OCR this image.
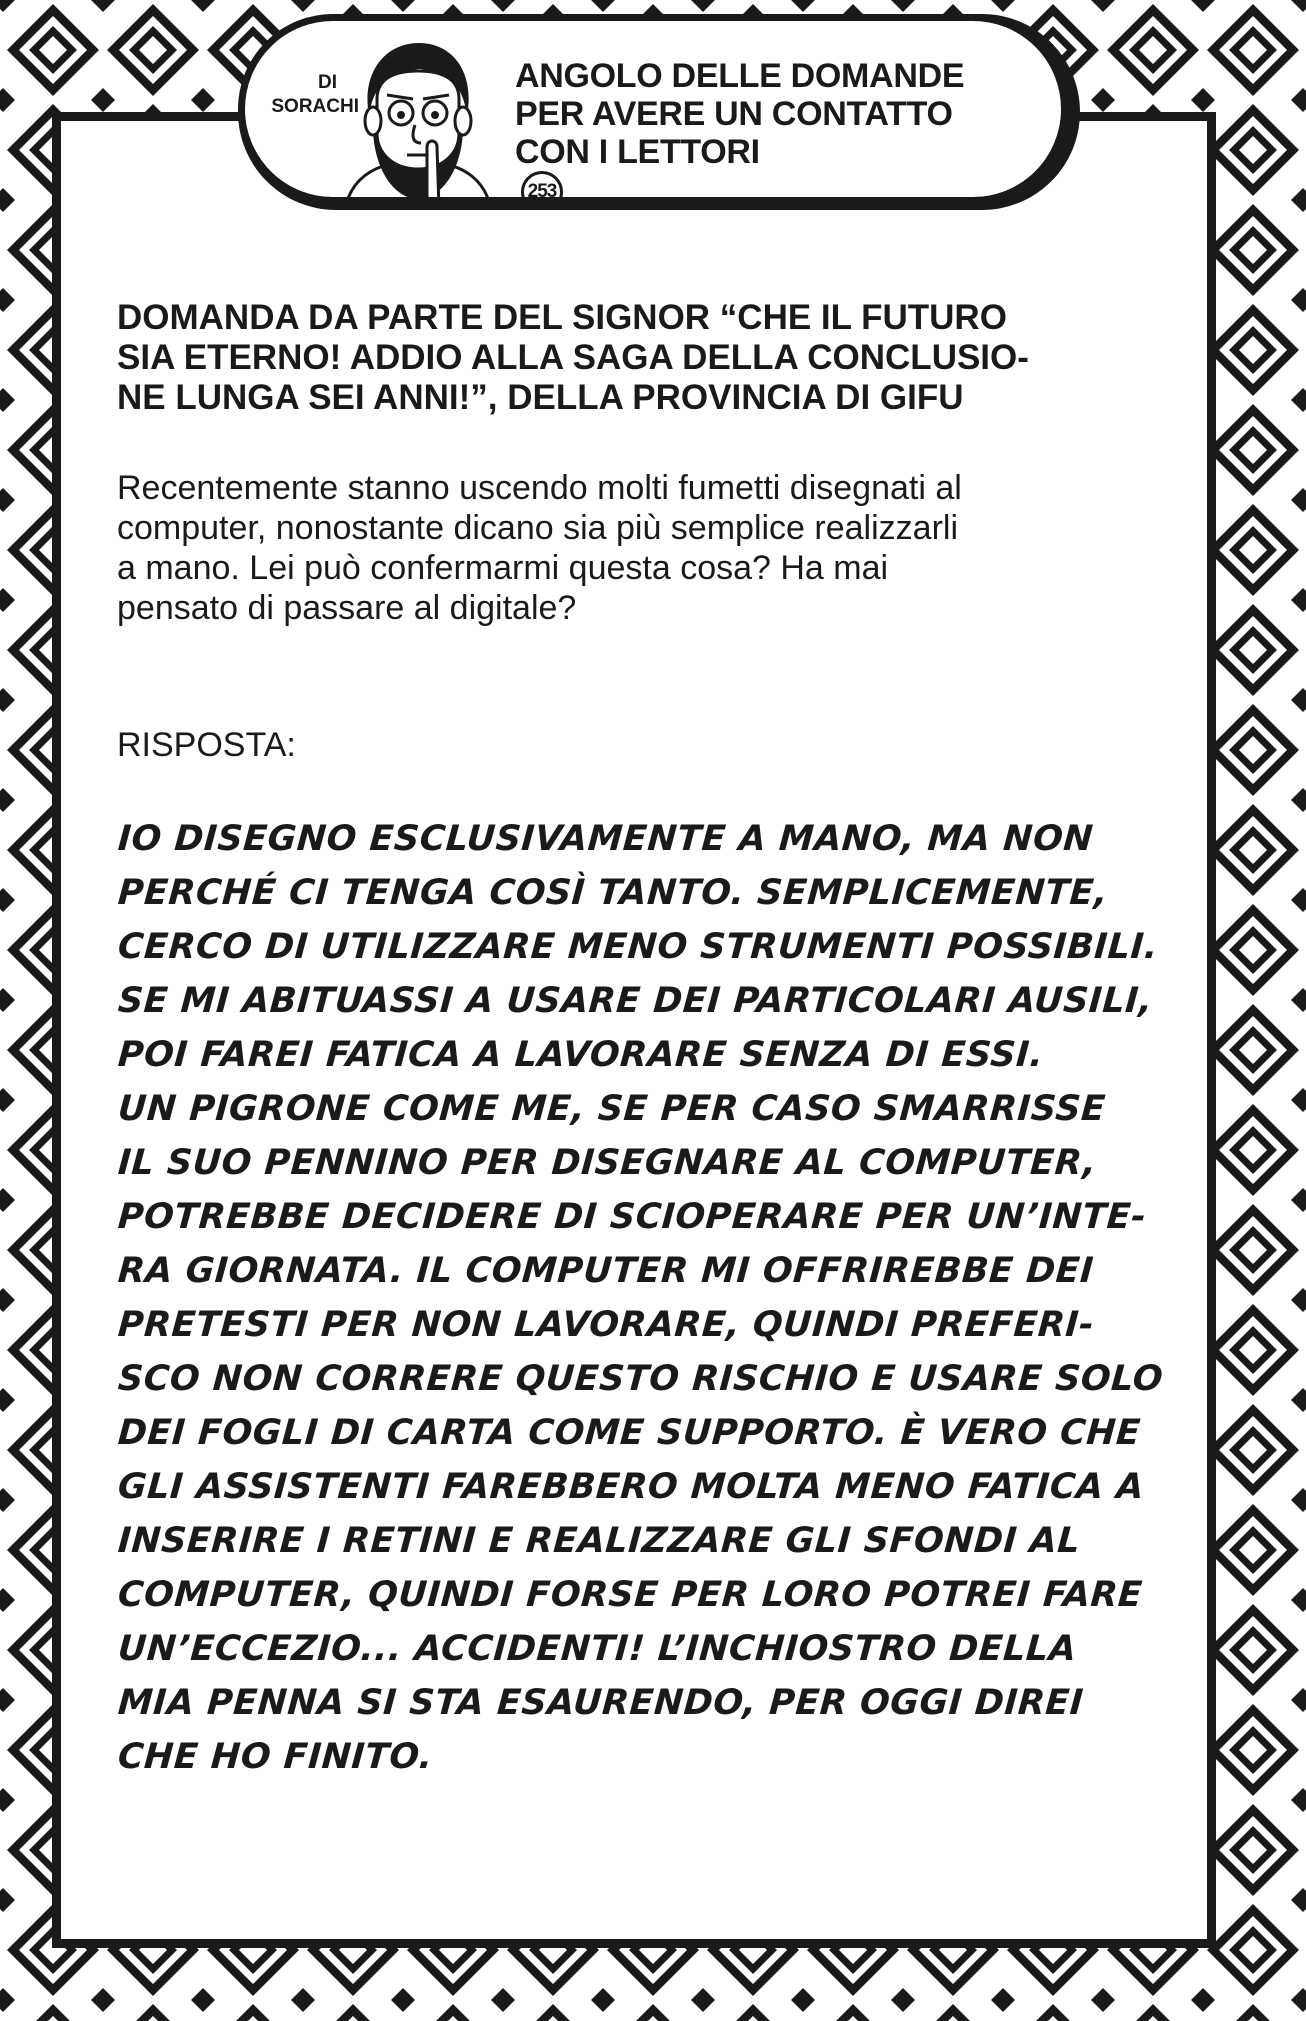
DI
SORACHI
ANGOLO DELLE DOMANDE
PER AVERE UN CONTATTO
CON I LETTORI
253
DOMANDA DA PARTE DEL SIGNOR “CHE IL FUTURO
SIA ETERNO! ADDIO ALLA SAGA DELLA CONCLUSIO-
NE LUNGA SEI ANNI!”, DELLA PROVINCIA DI GIFU

Recentemente stanno uscendo molti fumetti disegnati al
computer, nonostante dicano sia più semplice realizzarli
a mano. Lei può confermarmi questa cosa? Ha mai
pensato di passare al digitale?

RISPOSTA:
IO DISEGNO ESCLUSIVAMENTE A MANO, MA NON
PERCHÉ CI TENGA COSÌ TANTO. SEMPLICEMENTE,
CERCO DI UTILIZZARE MENO STRUMENTI POSSIBILI.
SE MI ABITUASSI A USARE DEI PARTICOLARI AUSILI,
POI FAREI FATICA A LAVORARE SENZA DI ESSI.
UN PIGRONE COME ME, SE PER CASO SMARRISSE
IL SUO PENNINO PER DISEGNARE AL COMPUTER,
POTREBBE DECIDERE DI SCIOPERARE PER UN’INTE-
RA GIORNATA. IL COMPUTER MI OFFRIREBBE DEI
PRETESTI PER NON LAVORARE, QUINDI PREFERI-
SCO NON CORRERE QUESTO RISCHIO E USARE SOLO
DEI FOGLI DI CARTA COME SUPPORTO. È VERO CHE
GLI ASSISTENTI FAREBBERO MOLTA MENO FATICA A
INSERIRE I RETINI E REALIZZARE GLI SFONDI AL
COMPUTER, QUINDI FORSE PER LORO POTREI FARE
UN’ECCEZIO... ACCIDENTI! L’INCHIOSTRO DELLA
MIA PENNA SI STA ESAURENDO, PER OGGI DIREI
CHE HO FINITO.
